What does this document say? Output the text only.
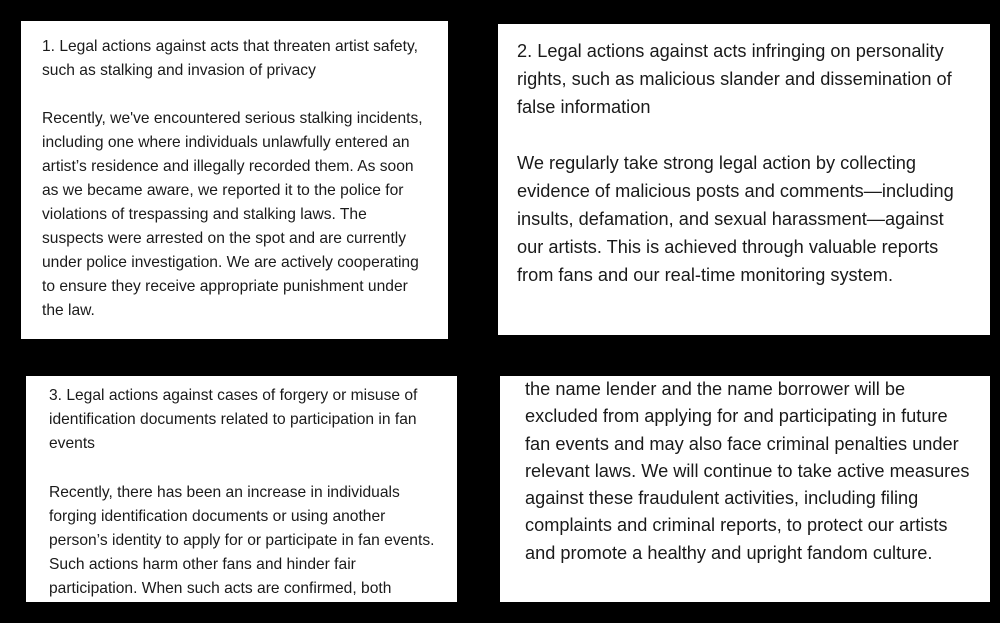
1. Legal actions against acts that threaten artist safety, such as stalking and invasion of privacy

Recently, we've encountered serious stalking incidents, including one where individuals unlawfully entered an artist’s residence and illegally recorded them. As soon as we became aware, we reported it to the police for violations of trespassing and stalking laws. The suspects were arrested on the spot and are currently under police investigation. We are actively cooperating to ensure they receive appropriate punishment under the law.

2. Legal actions against acts infringing on personality rights, such as malicious slander and dissemination of false information

We regularly take strong legal action by collecting evidence of malicious posts and comments—including insults, defamation, and sexual harassment—against our artists. This is achieved through valuable reports from fans and our real-time monitoring system.

3. Legal actions against cases of forgery or misuse of identification documents related to participation in fan events

Recently, there has been an increase in individuals forging identification documents or using another person’s identity to apply for or participate in fan events. Such actions harm other fans and hinder fair participation. When such acts are confirmed, both

the name lender and the name borrower will be excluded from applying for and participating in future fan events and may also face criminal penalties under relevant laws. We will continue to take active measures against these fraudulent activities, including filing complaints and criminal reports, to protect our artists and promote a healthy and upright fandom culture.
